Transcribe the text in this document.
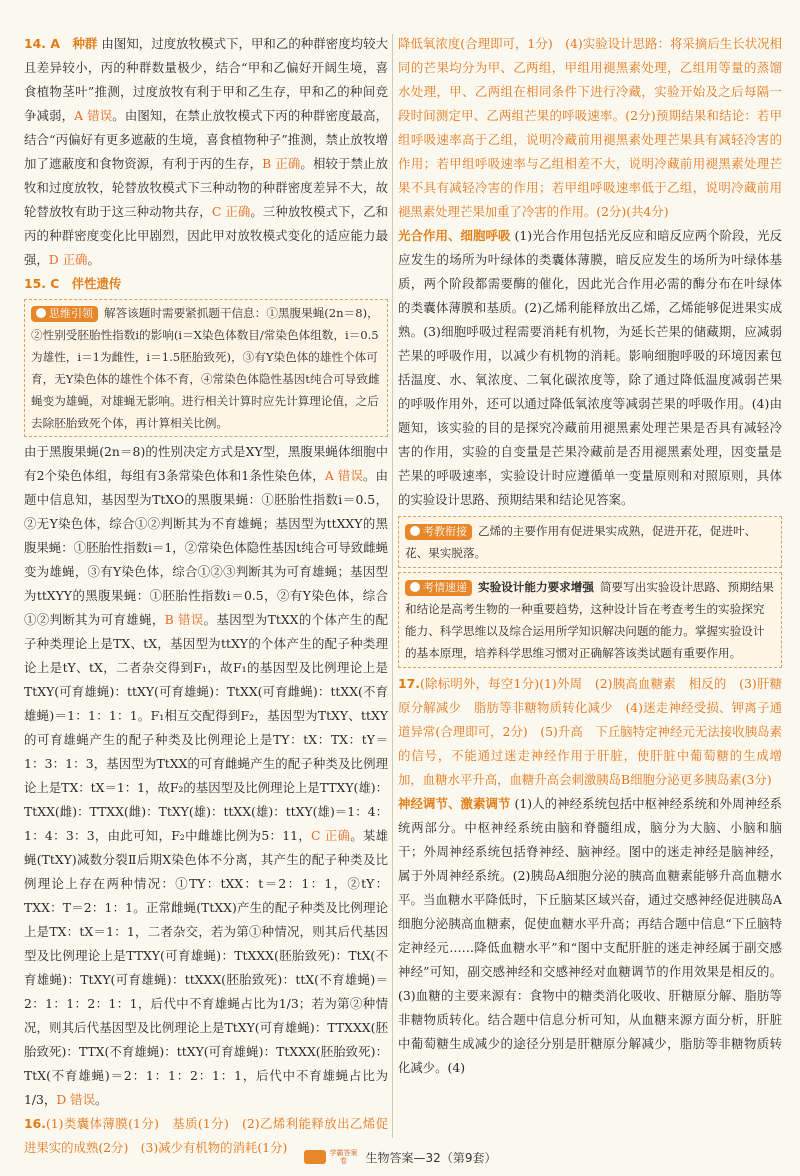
14. A　种群 由图知，过度放牧模式下，甲和乙的种群密度均较大且差异较小，丙的种群数量极少，结合“甲和乙偏好开阔生境，喜食植物茎叶”推测，过度放牧有利于甲和乙生存，甲和乙的种间竞争减弱，A 错误。由图知，在禁止放牧模式下丙的种群密度最高，结合“丙偏好有更多遮蔽的生境，喜食植物种子”推测，禁止放牧增加了遮蔽度和食物资源，有利于丙的生存，B 正确。相较于禁止放牧和过度放牧，轮替放牧模式下三种动物的种群密度差异不大，故轮替放牧有助于这三种动物共存，C 正确。三种放牧模式下，乙和丙的种群密度变化比甲剧烈，因此甲对放牧模式变化的适应能力最强，D 正确。

15. C　伴性遗传

思维引领 解答该题时需要紧抓题干信息：①黑腹果蝇(2n＝8)，②性别受胚胎性指数i的影响(i＝X染色体数目/常染色体组数，i＝0.5为雄性，i＝1为雌性，i＝1.5胚胎致死)，③有Y染色体的雄性个体可育，无Y染色体的雄性个体不育，④常染色体隐性基因t纯合可导致雌蝇变为雄蝇，对雄蝇无影响。进行相关计算时应先计算理论值，之后去除胚胎致死个体，再计算相关比例。

由于黑腹果蝇(2n＝8)的性别决定方式是XY型，黑腹果蝇体细胞中有2个染色体组，每组有3条常染色体和1条性染色体，A 错误。由题中信息知，基因型为TtXO的黑腹果蝇：①胚胎性指数i＝0.5，②无Y染色体，综合①②判断其为不育雄蝇；基因型为ttXXY的黑腹果蝇：①胚胎性指数i＝1，②常染色体隐性基因t纯合可导致雌蝇变为雄蝇，③有Y染色体，综合①②③判断其为可育雄蝇；基因型为ttXYY的黑腹果蝇：①胚胎性指数i＝0.5，②有Y染色体，综合①②判断其为可育雄蝇，B 错误。基因型为TtXX的个体产生的配子种类理论上是TX、tX，基因型为ttXY的个体产生的配子种类理论上是tY、tX，二者杂交得到F₁，故F₁的基因型及比例理论上是TtXY(可育雄蝇)：ttXY(可育雄蝇)：TtXX(可育雌蝇)：ttXX(不育雄蝇)＝1：1：1：1。F₁相互交配得到F₂，基因型为TtXY、ttXY的可育雄蝇产生的配子种类及比例理论上是TY：tX：TX：tY＝1：3：1：3，基因型为TtXX的可育雌蝇产生的配子种类及比例理论上是TX：tX＝1：1，故F₂的基因型及比例理论上是TTXY(雄)：TtXX(雌)：TTXX(雌)：TtXY(雄)：ttXX(雄)：ttXY(雄)＝1：4：1：4：3：3，由此可知，F₂中雌雄比例为5：11，C 正确。某雄蝇(TtXY)减数分裂Ⅱ后期X染色体不分离，其产生的配子种类及比例理论上存在两种情况：①TY：tXX：t＝2：1：1，②tY：TXX：T＝2：1：1。正常雌蝇(TtXX)产生的配子种类及比例理论上是TX：tX＝1：1，二者杂交，若为第①种情况，则其后代基因型及比例理论上是TTXY(可育雄蝇)：TtXXX(胚胎致死)：TtX(不育雄蝇)：TtXY(可育雄蝇)：ttXXX(胚胎致死)：ttX(不育雄蝇)＝2：1：1：2：1：1，后代中不育雄蝇占比为1/3；若为第②种情况，则其后代基因型及比例理论上是TtXY(可育雄蝇)：TTXXX(胚胎致死)：TTX(不育雄蝇)：ttXY(可育雄蝇)：TtXXX(胚胎致死)：TtX(不育雄蝇)＝2：1：1：2：1：1，后代中不育雄蝇占比为1/3，D 错误。

16.(1)类囊体薄膜(1分)　基质(1分)　(2)乙烯利能释放出乙烯促进果实的成熟(2分)　(3)减少有机物的消耗(1分)

降低氧浓度(合理即可，1分)　(4)实验设计思路：将采摘后生长状况相同的芒果均分为甲、乙两组，甲组用褪黑素处理，乙组用等量的蒸馏水处理，甲、乙两组在相同条件下进行冷藏，实验开始及之后每隔一段时间测定甲、乙两组芒果的呼吸速率。(2分)预期结果和结论：若甲组呼吸速率高于乙组，说明冷藏前用褪黑素处理芒果具有减轻冷害的作用；若甲组呼吸速率与乙组相差不大，说明冷藏前用褪黑素处理芒果不具有减轻冷害的作用；若甲组呼吸速率低于乙组，说明冷藏前用褪黑素处理芒果加重了冷害的作用。(2分)(共4分)

光合作用、细胞呼吸 (1)光合作用包括光反应和暗反应两个阶段，光反应发生的场所为叶绿体的类囊体薄膜，暗反应发生的场所为叶绿体基质，两个阶段都需要酶的催化，因此光合作用必需的酶分布在叶绿体的类囊体薄膜和基质。(2)乙烯利能释放出乙烯，乙烯能够促进果实成熟。(3)细胞呼吸过程需要消耗有机物，为延长芒果的储藏期，应减弱芒果的呼吸作用，以减少有机物的消耗。影响细胞呼吸的环境因素包括温度、水、氧浓度、二氧化碳浓度等，除了通过降低温度减弱芒果的呼吸作用外，还可以通过降低氧浓度等减弱芒果的呼吸作用。(4)由题知，该实验的目的是探究冷藏前用褪黑素处理芒果是否具有减轻冷害的作用，实验的自变量是芒果冷藏前是否用褪黑素处理，因变量是芒果的呼吸速率，实验设计时应遵循单一变量原则和对照原则，具体的实验设计思路、预期结果和结论见答案。

考教衔接 乙烯的主要作用有促进果实成熟，促进开花，促进叶、花、果实脱落。
考情速递 实验设计能力要求增强 简要写出实验设计思路、预期结果和结论是高考生物的一种重要趋势，这种设计旨在考查考生的实验探究能力、科学思维以及综合运用所学知识解决问题的能力。掌握实验设计的基本原理，培养科学思维习惯对正确解答该类试题有重要作用。

17.(除标明外，每空1分)(1)外周　(2)胰高血糖素　相反的　(3)肝糖原分解减少　脂肪等非糖物质转化减少　(4)迷走神经受损、钾离子通道异常(合理即可，2分)　(5)升高　下丘脑特定神经元无法接收胰岛素的信号，不能通过迷走神经作用于肝脏，使肝脏中葡萄糖的生成增加，血糖水平升高，血糖升高会刺激胰岛B细胞分泌更多胰岛素(3分)

神经调节、激素调节 (1)人的神经系统包括中枢神经系统和外周神经系统两部分。中枢神经系统由脑和脊髓组成，脑分为大脑、小脑和脑干；外周神经系统包括脊神经、脑神经。图中的迷走神经是脑神经，属于外周神经系统。(2)胰岛A细胞分泌的胰高血糖素能够升高血糖水平。当血糖水平降低时，下丘脑某区域兴奋，通过交感神经促进胰岛A细胞分泌胰高血糖素，促使血糖水平升高；再结合题中信息“下丘脑特定神经元……降低血糖水平”和“图中支配肝脏的迷走神经属于副交感神经”可知，副交感神经和交感神经对血糖调节的作用效果是相反的。(3)血糖的主要来源有：食物中的糖类消化吸收、肝糖原分解、脂肪等非糖物质转化。结合题中信息分析可知，从血糖来源方面分析，肝脏中葡萄糖生成减少的途径分别是肝糖原分解减少，脂肪等非糖物质转化减少。(4)

学霸答案
卷 生物答案—32（第9套）
